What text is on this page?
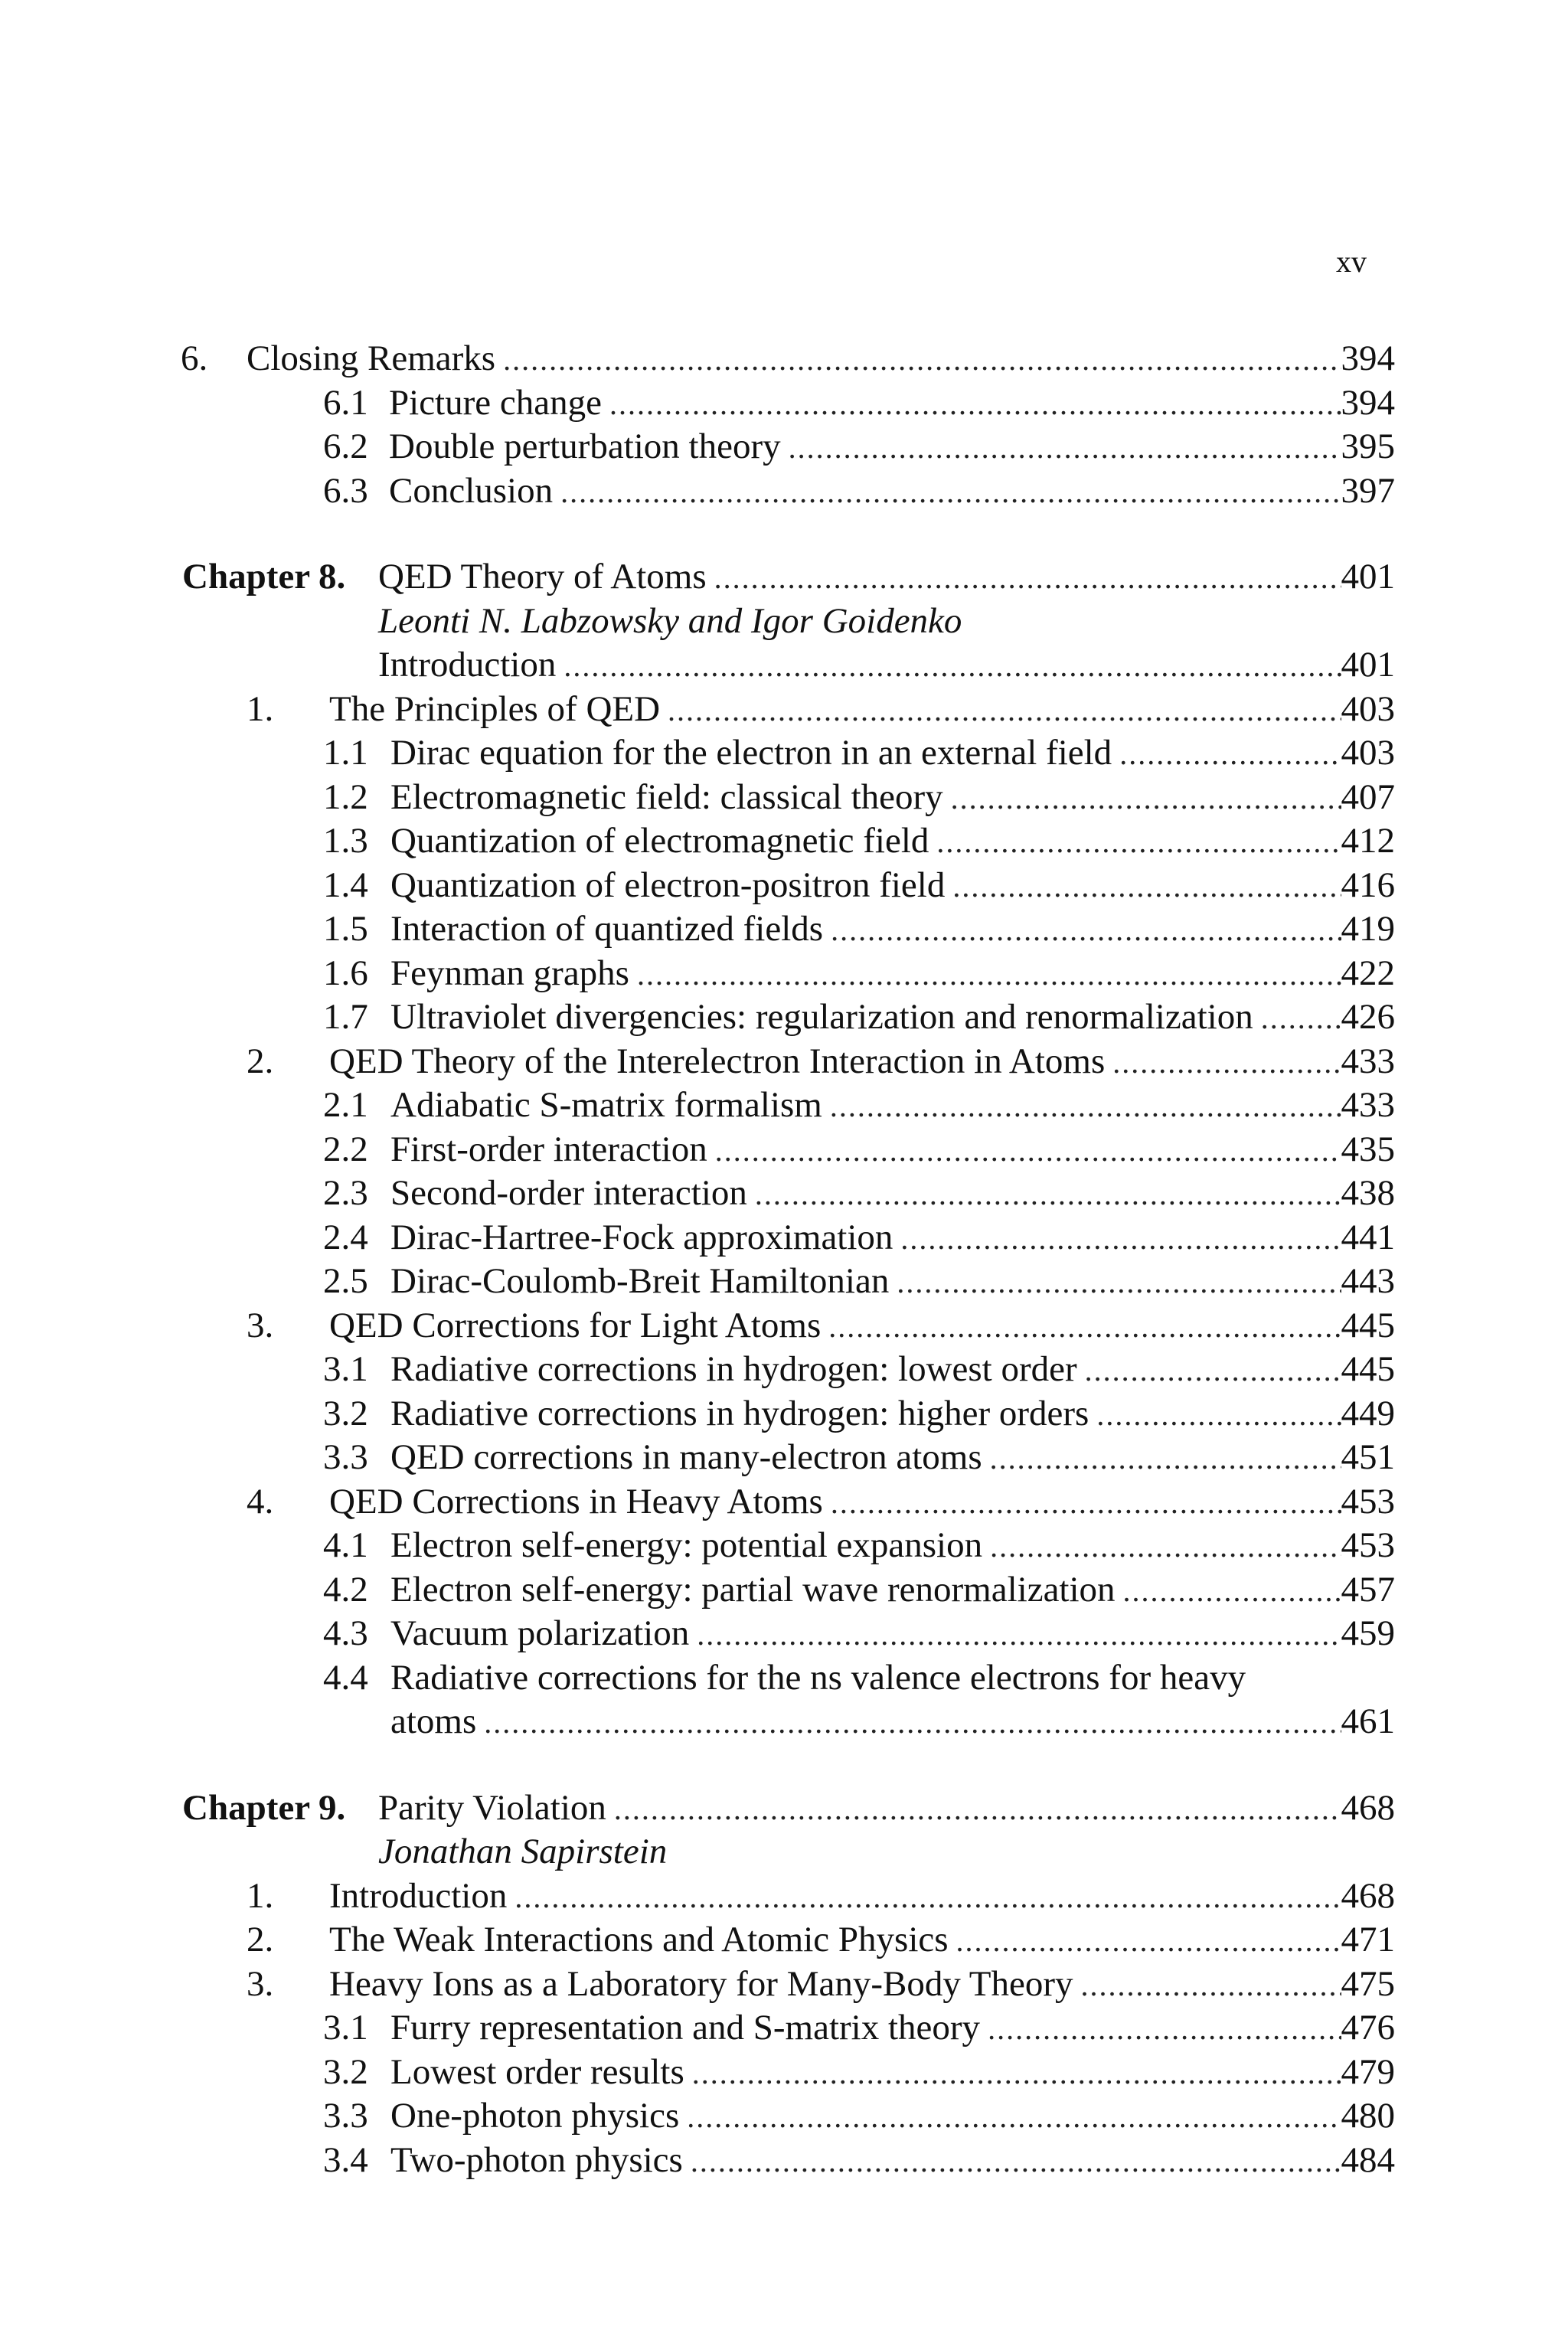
xv
6. Closing Remarks . . .	394
6.1 Picture change . . .	394
6.2 Double perturbation theory . . .	395
6.3 Conclusion . . .	397
Chapter 8. QED Theory of Atoms . . .	401
Leonti N. Labzowsky and Igor Goidenko
Introduction . . .	401
1. The Principles of QED . . .	403
1.1 Dirac equation for the electron in an external field . . .	403
1.2 Electromagnetic field: classical theory . . .	407
1.3 Quantization of electromagnetic field . . .	412
1.4 Quantization of electron-positron field . . .	416
1.5 Interaction of quantized fields . . .	419
1.6 Feynman graphs . . .	422
1.7 Ultraviolet divergencies: regularization and renormalization . . . 426
2. QED Theory of the Interelectron Interaction in Atoms . . .	433
2.1 Adiabatic S-matrix formalism . . .	433
2.2 First-order interaction . . .	435
2.3 Second-order interaction . . .	438
2.4 Dirac-Hartree-Fock approximation . . .	441
2.5 Dirac-Coulomb-Breit Hamiltonian . . .	443
3. QED Corrections for Light Atoms . . .	445
3.1 Radiative corrections in hydrogen: lowest order . . .	445
3.2 Radiative corrections in hydrogen: higher orders . . .	449
3.3 QED corrections in many-electron atoms . . .	451
4. QED Corrections in Heavy Atoms . . .	453
4.1 Electron self-energy: potential expansion . . .	453
4.2 Electron self-energy: partial wave renormalization . . .	457
4.3 Vacuum polarization . . .	459
4.4 Radiative corrections for the ns valence electrons for heavy
atoms . . .	461
Chapter 9. Parity Violation . . .	468
Jonathan Sapirstein
1. Introduction . . .	468
2. The Weak Interactions and Atomic Physics . . .	471
3. Heavy Ions as a Laboratory for Many-Body Theory . . .	475
3.1 Furry representation and S-matrix theory . . .	476
3.2 Lowest order results . . .	479
3.3 One-photon physics . . .	480
3.4 Two-photon physics . . .	484
